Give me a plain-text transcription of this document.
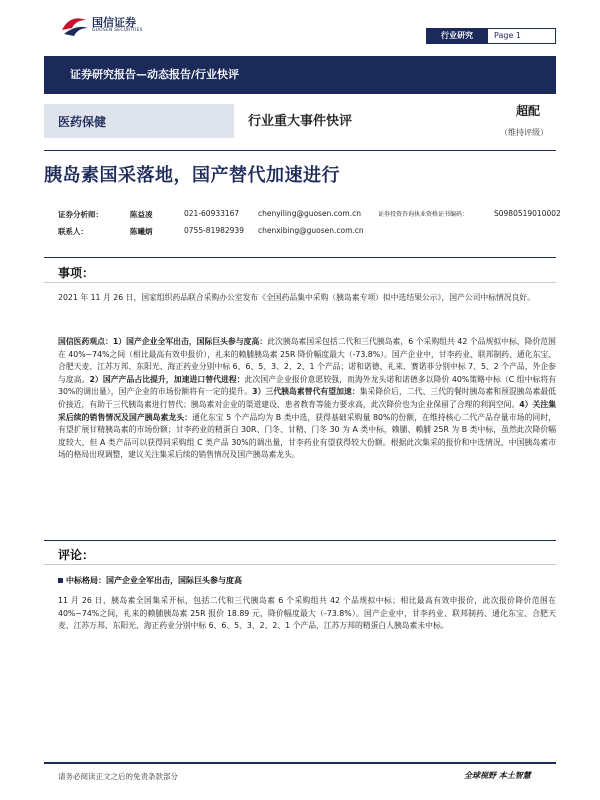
国信证券
GUOSEN SECURITIES
行业研究	Page 1
证券研究报告—动态报告/行业快评
医药保健	行业重大事件快评
超配
（维持评级）
胰岛素国采落地，国产替代加速进行
证券分析师：	陈益凌	021-60933167	chenyiling@guosen.com.cn	证券投资咨询执业资格证书编码：	S0980519010002
联系人：	陈曦炳	0755-81982939 chenxibing@guosen.com.cn
事项：
2021 年 11 月 26 日，国家组织药品联合采购办公室发布《全国药品集中采购（胰岛素专项）拟中选结果公示》，国产公司中标情况良好。
国信医药观点：1）国产企业全军出击，国际巨头参与度高：此次胰岛素国采包括二代和三代胰岛素，6 个采购组共 42 个品规拟中标，降价范围在 40%~74%之间（相比最高有效申报价），礼来的赖脯胰岛素 25R 降价幅度最大（-73.8%）。国产企业中，甘李药业、联邦制药、通化东宝、合肥天麦、江苏万邦、东阳光、海正药业分别中标 6、6、5、3、2、2、1 个产品；诺和诺德、礼来、赛诺菲分别中标 7、5、2 个产品，外企参与度高。2）国产产品占比提升，加速进口替代进程：此次国产企业报价意愿较强，而海外龙头诺和诺德多以降价 40%策略中标（C 组中标将有 30%的调出量），国产企业的市场份额将有一定的提升。3）三代胰岛素替代有望加速：集采降价后，二代、三代的餐时胰岛素和预混胰岛素最低价接近，有助于三代胰岛素进行替代；胰岛素对企业的渠道建设、患者教育等能力要求高，此次降价也为企业保留了合理的利润空间。4）关注集采后续的销售情况及国产胰岛素龙头：通化东宝 5 个产品均为 B 类中选，获得基础采购量 80%的份额，在维持核心二代产品存量市场的同时，有望扩展甘精胰岛素的市场份额；甘李药业的精蛋白 30R、门冬、甘精、门冬 30 为 A 类中标，赖脯、赖脯 25R 为 B 类中标，虽然此次降价幅度较大，但 A 类产品可以获得同采购组 C 类产品 30%的调出量，甘李药业有望获得较大份额。根据此次集采的报价和中选情况，中国胰岛素市场的格局出现调整，建议关注集采后续的销售情况及国产胰岛素龙头。
评论：
中标格局：国产企业全军出击，国际巨头参与度高
11 月 26 日，胰岛素全国集采开标，包括二代和三代胰岛素 6 个采购组共 42 个品规拟中标；相比最高有效申报价，此次报价降价范围在 40%~74%之间，礼来的赖脯胰岛素 25R 报价 18.89 元，降价幅度最大（-73.8%）。国产企业中，甘李药业、联邦制药、通化东宝、合肥天麦、江苏万邦、东阳光、海正药业分别中标 6、6、5、3、2、2、1 个产品，江苏万邦的精蛋白人胰岛素未中标。
请务必阅读正文之后的免责条款部分	全球视野 本土智慧
